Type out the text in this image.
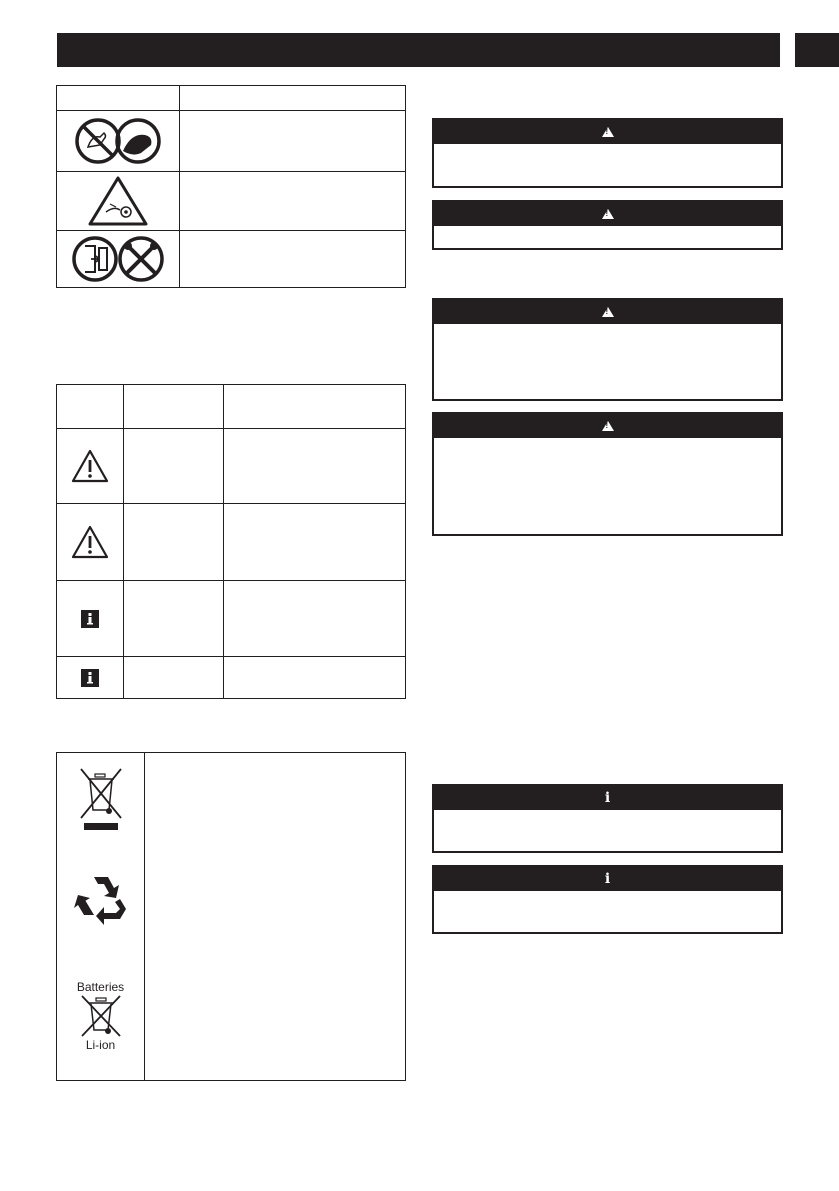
Batteries
Li-ion
!
!
!
!
i
i
